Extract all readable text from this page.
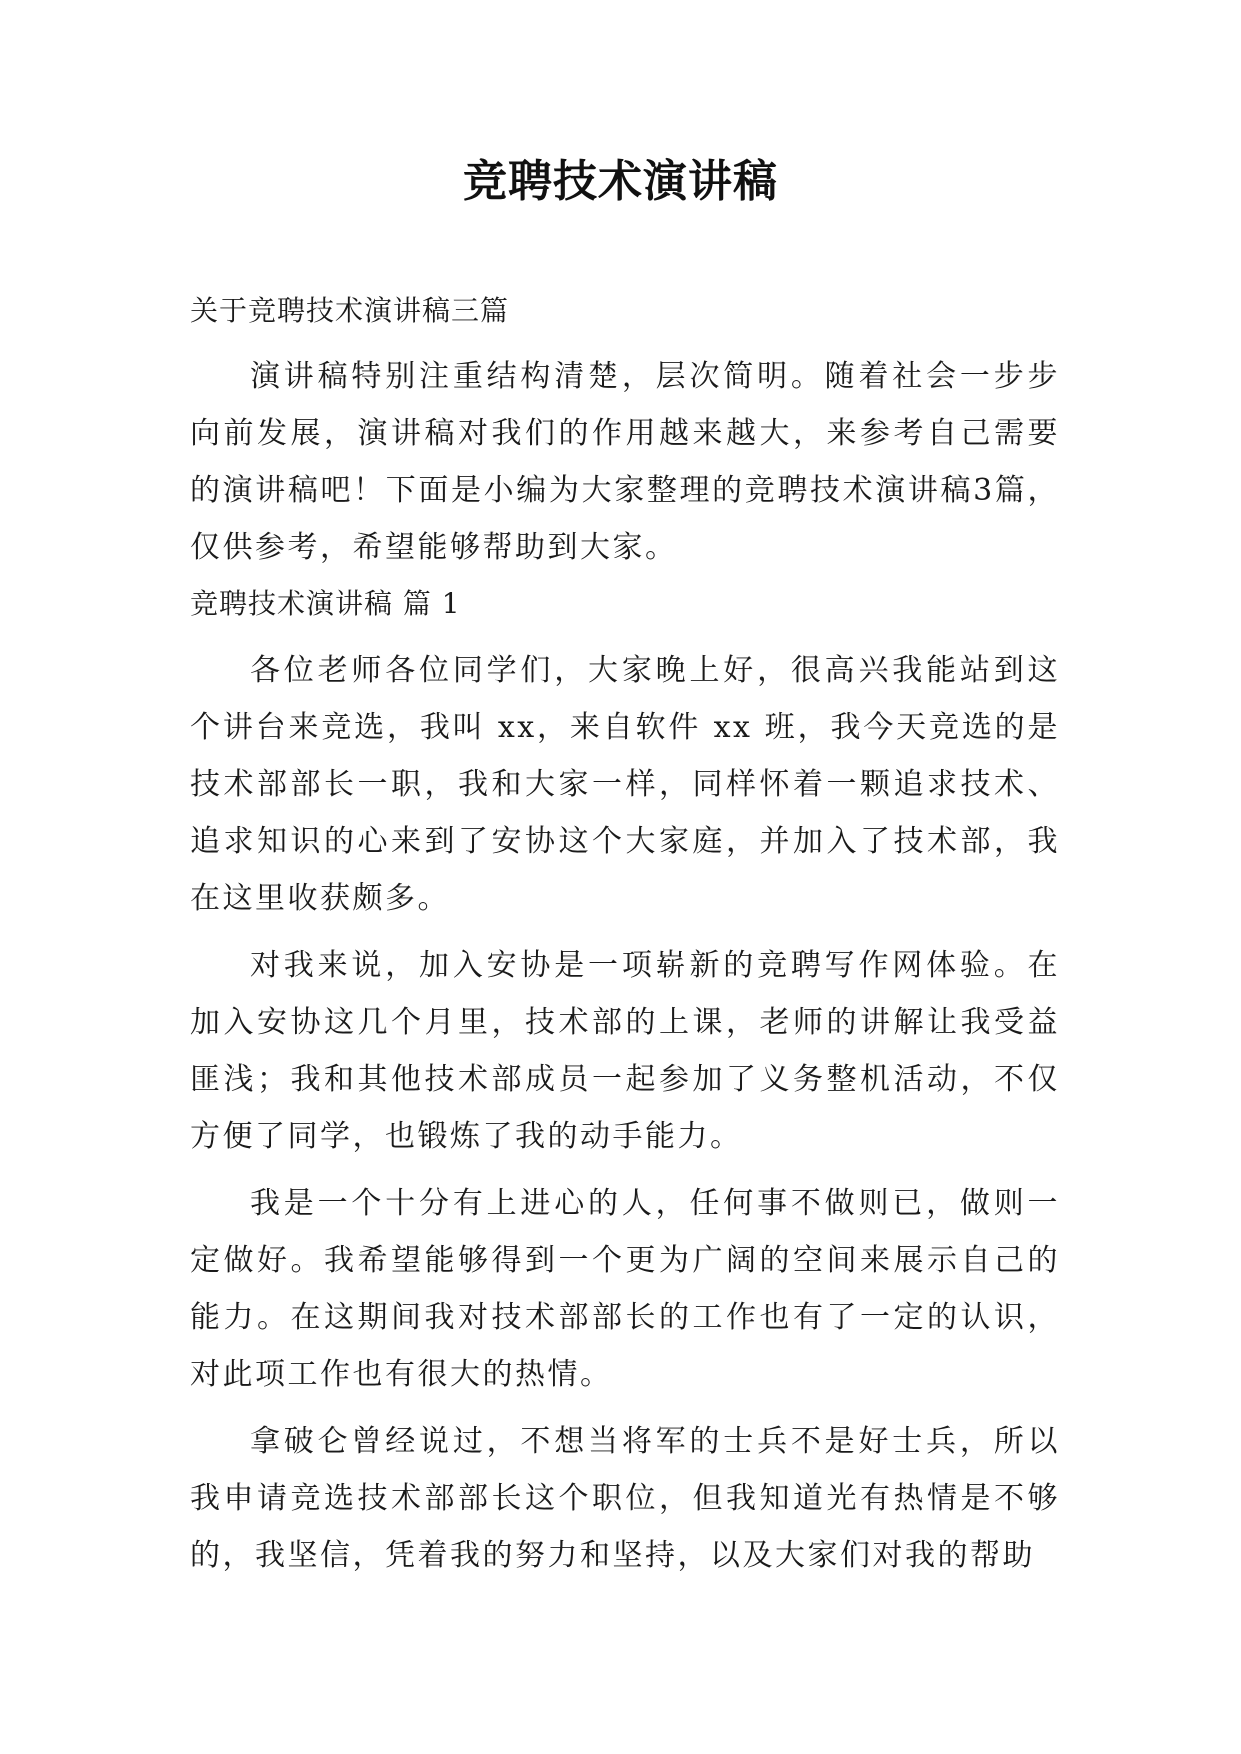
竞聘技术演讲稿
关于竞聘技术演讲稿三篇

演讲稿特别注重结构清楚，层次简明。随着社会一步步向前发展，演讲稿对我们的作用越来越大，来参考自己需要的演讲稿吧！下面是小编为大家整理的竞聘技术演讲稿3篇，仅供参考，希望能够帮助到大家。

竞聘技术演讲稿 篇 1

各位老师各位同学们，大家晚上好，很高兴我能站到这个讲台来竞选，我叫 xx，来自软件 xx 班，我今天竞选的是技术部部长一职，我和大家一样，同样怀着一颗追求技术、追求知识的心来到了安协这个大家庭，并加入了技术部，我在这里收获颇多。

对我来说，加入安协是一项崭新的竞聘写作网体验。在加入安协这几个月里，技术部的上课，老师的讲解让我受益匪浅；我和其他技术部成员一起参加了义务整机活动，不仅方便了同学，也锻炼了我的动手能力。

我是一个十分有上进心的人，任何事不做则已，做则一定做好。我希望能够得到一个更为广阔的空间来展示自己的能力。在这期间我对技术部部长的工作也有了一定的认识，对此项工作也有很大的热情。

拿破仑曾经说过，不想当将军的士兵不是好士兵，所以我申请竞选技术部部长这个职位，但我知道光有热情是不够的，我坚信，凭着我的努力和坚持，以及大家们对我的帮助
